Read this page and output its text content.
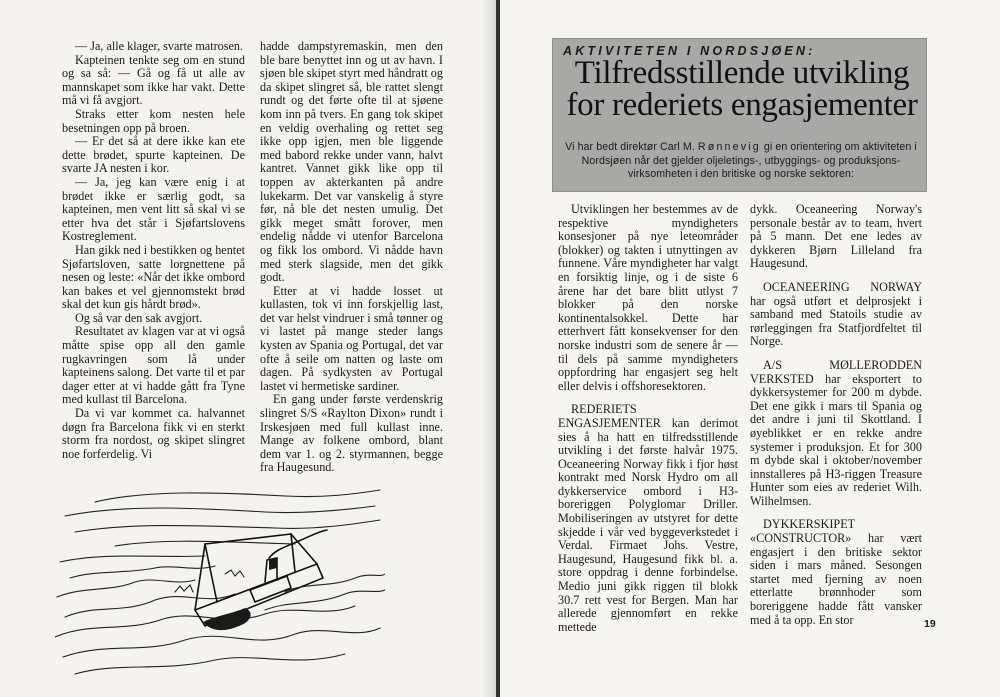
— Ja, alle klager, svarte matrosen.

Kapteinen tenkte seg om en stund og sa så: — Gå og få ut alle av mannskapet som ikke har vakt. Dette må vi få avgjort.

Straks etter kom nesten hele besetningen opp på broen.

— Er det så at dere ikke kan ete dette brødet, spurte kapteinen. De svarte JA nesten i kor.

— Ja, jeg kan være enig i at brødet ikke er særlig godt, sa kapteinen, men vent litt så skal vi se etter hva det står i Sjøfartslovens Kostreglement.

Han gikk ned i bestikken og hentet Sjøfartsloven, satte lorgnettene på nesen og leste: «Når det ikke ombord kan bakes et vel gjennomstekt brød skal det kun gis hårdt brød».

Og så var den sak avgjort.

Resultatet av klagen var at vi også måtte spise opp all den gamle rugkavringen som lå under kapteinens salong. Det varte til et par dager etter at vi hadde gått fra Tyne med kullast til Barcelona.

Da vi var kommet ca. halvannet døgn fra Barcelona fikk vi en sterkt storm fra nordost, og skipet slingret noe forferdelig. Vi

hadde dampstyremaskin, men den ble bare benyttet inn og ut av havn. I sjøen ble skipet styrt med håndratt og da skipet slingret så, ble rattet slengt rundt og det førte ofte til at sjøene kom inn på tvers. En gang tok skipet en veldig overhaling og rettet seg ikke opp igjen, men ble liggende med babord rekke under vann, halvt kantret. Vannet gikk like opp til toppen av akterkanten på andre lukekarm. Det var vanskelig å styre før, nå ble det nesten umulig. Det gikk meget smått forover, men endelig nådde vi utenfor Barcelona og fikk los ombord. Vi nådde havn med sterk slagside, men det gikk godt.

Etter at vi hadde losset ut kullasten, tok vi inn forskjellig last, det var helst vindruer i små tønner og vi lastet på mange steder langs kysten av Spania og Portugal, det var ofte å seile om natten og laste om dagen. På sydkysten av Portugal lastet vi hermetiske sardiner.

En gang under første verdenskrig slingret S/S «Raylton Dixon» rundt i Irskesjøen med full kullast inne. Mange av folkene ombord, blant dem var 1. og 2. styrmannen, begge fra Haugesund.

AKTIVITETEN I NORDSJØEN:
Tilfredsstillende utvikling for rederiets engasjementer
Vi har bedt direktør Carl M. Rønnevig gi en orientering om aktiviteten i Nordsjøen når det gjelder oljeletings-, utbyggings- og produksjons-virksomheten i den britiske og norske sektoren:

Utviklingen her bestemmes av de respektive myndigheters konsesjoner på nye leteområder (blokker) og takten i utnyttingen av funnene. Våre myndigheter har valgt en forsiktig linje, og i de siste 6 årene har det bare blitt utlyst 7 blokker på den norske kontinentalsokkel. Dette har etterhvert fått konsekvenser for den norske industri som de senere år — til dels på samme myndigheters oppfordring har engasjert seg helt eller delvis i offshoresektoren.

REDERIETS ENGASJEMENTER kan derimot sies å ha hatt en tilfredsstillende utvikling i det første halvår 1975. Oceaneering Norway fikk i fjor høst kontrakt med Norsk Hydro om all dykkerservice ombord i H3-boreriggen Polyglomar Driller. Mobiliseringen av utstyret for dette skjedde i vår ved byggeverkstedet i Verdal. Firmaet Johs. Vestre, Haugesund, Haugesund fikk bl. a. store oppdrag i denne forbindelse. Medio juni gikk riggen til blokk 30.7 rett vest for Bergen. Man har allerede gjennomført en rekke mettede

dykk. Oceaneering Norway's personale består av to team, hvert på 5 mann. Det ene ledes av dykkeren Bjørn Lilleland fra Haugesund.

OCEANEERING NORWAY har også utført et delprosjekt i samband med Statoils studie av rørleggingen fra Statfjordfeltet til Norge.

A/S MØLLERODDEN VERKSTED har eksportert to dykkersystemer for 200 m dybde. Det ene gikk i mars til Spania og det andre i juni til Skottland. I øyeblikket er en rekke andre systemer i produksjon. Et for 300 m dybde skal i oktober/november innstalleres på H3-riggen Treasure Hunter som eies av rederiet Wilh. Wilhelmsen.

DYKKERSKIPET «CONSTRUCTOR» har vært engasjert i den britiske sektor siden i mars måned. Sesongen startet med fjerning av noen etterlatte brønnhoder som boreriggene hadde fått vansker med å ta opp. En stor	19
